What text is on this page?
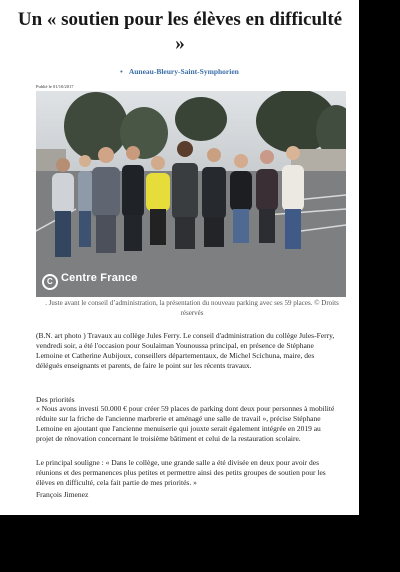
Un « soutien pour les élèves en difficulté »
• Auneau-Bleury-Saint-Symphorien
Publié le 01/10/2017
C Centre France
. Juste avant le conseil d’administration, la présentation du nouveau parking avec ses 59 places. © Droits réservés
(B.N. art photo ) Travaux au collège Jules Ferry. Le conseil d'administration du collège Jules-Ferry, vendredi soir, a été l'occasion pour Soulaiman Younoussa principal, en présence de Stéphane Lemoine et Catherine Aubijoux, conseillers départementaux, de Michel Scichuna, maire, des délégués enseignants et parents, de faire le point sur les récents travaux.
Des priorités
« Nous avons investi 50.000 € pour créer 59 places de parking dont deux pour personnes à mobilité réduite sur la friche de l'ancienne marbrerie et aménagé une salle de travail », précise Stéphane Lemoine en ajoutant que l'ancienne menuiserie qui jouxte serait également intégrée en 2019 au projet de rénovation concernant le troisième bâtiment et celui de la restauration scolaire.
Le principal souligne : « Dans le collège, une grande salle a été divisée en deux pour avoir des réunions et des permanences plus petites et permettre ainsi des petits groupes de soutien pour les élèves en difficulté, cela fait partie de mes priorités. »
François Jimenez
